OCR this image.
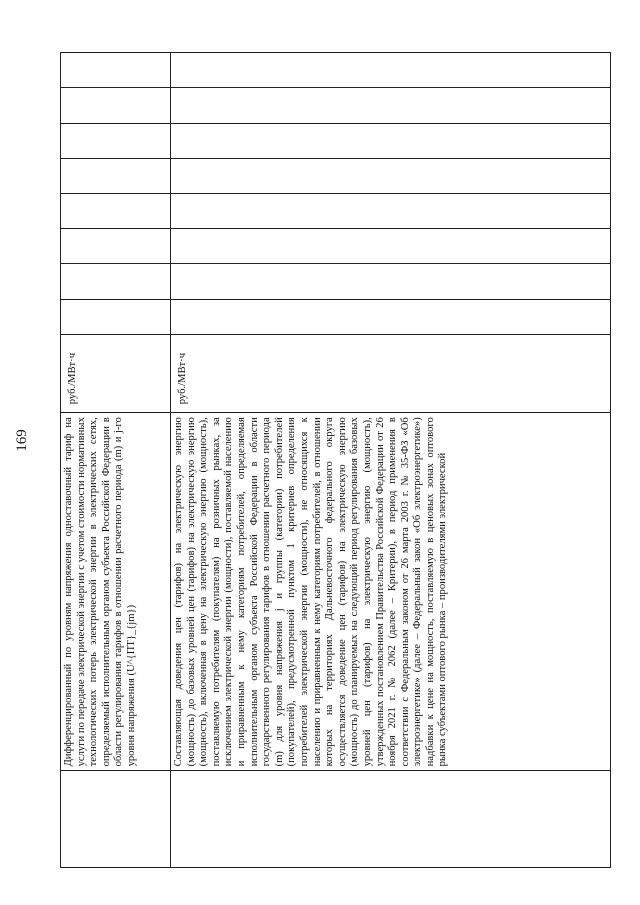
169

	Дифференцированный по уровням напряжения одноставочный тариф на услуги по передаче электрической энергии с учетом стоимости нормативных технологических потерь электрической энергии в электрических сетях, определяемый исполнительным органом субъекта Российской Федерации в области регулирования тарифов в отношении расчетного периода (m) и j-го уровня напряжения (U^{ПТ}_{jm})	руб./МВт·ч								

	Составляющая доведения цен (тарифов) на электрическую энергию (мощность) до базовых уровней цен (тарифов) на электрическую энергию (мощность), включенная в цену на электрическую энергию (мощность), поставляемую потребителям (покупателям) на розничных рынках, за исключением электрической энергии (мощности), поставляемой населению и приравненным к нему категориям потребителей, определяемая исполнительным органом субъекта Российской Федерации в области государственного регулирования тарифов в отношении расчетного периода (m) для уровня напряжения j и группы (категории) потребителей (покупателей), предусмотренной пунктом 1 критериев определения потребителей электрической энергии (мощности), не относящихся к населению и приравненным к нему категориям потребителей, в отношении которых на территориях Дальневосточного федерального округа осуществляется доведение цен (тарифов) на электрическую энергию (мощность) до планируемых на следующий период регулирования базовых уровней цен (тарифов) на электрическую энергию (мощность), утвержденных постановлением Правительства Российской Федерации от 26 ноября 2021 г. № 2062 (далее – Критерии), в период применения в соответствии с Федеральным законом от 26 марта 2003 г. № 35-ФЗ «Об электроэнергетике» (далее – Федеральный закон «Об электроэнергетике») надбавки к цене на мощность, поставляемую в ценовых зонах оптового рынка субъектами оптового рынка – производителями электрической	руб./МВт·ч								
